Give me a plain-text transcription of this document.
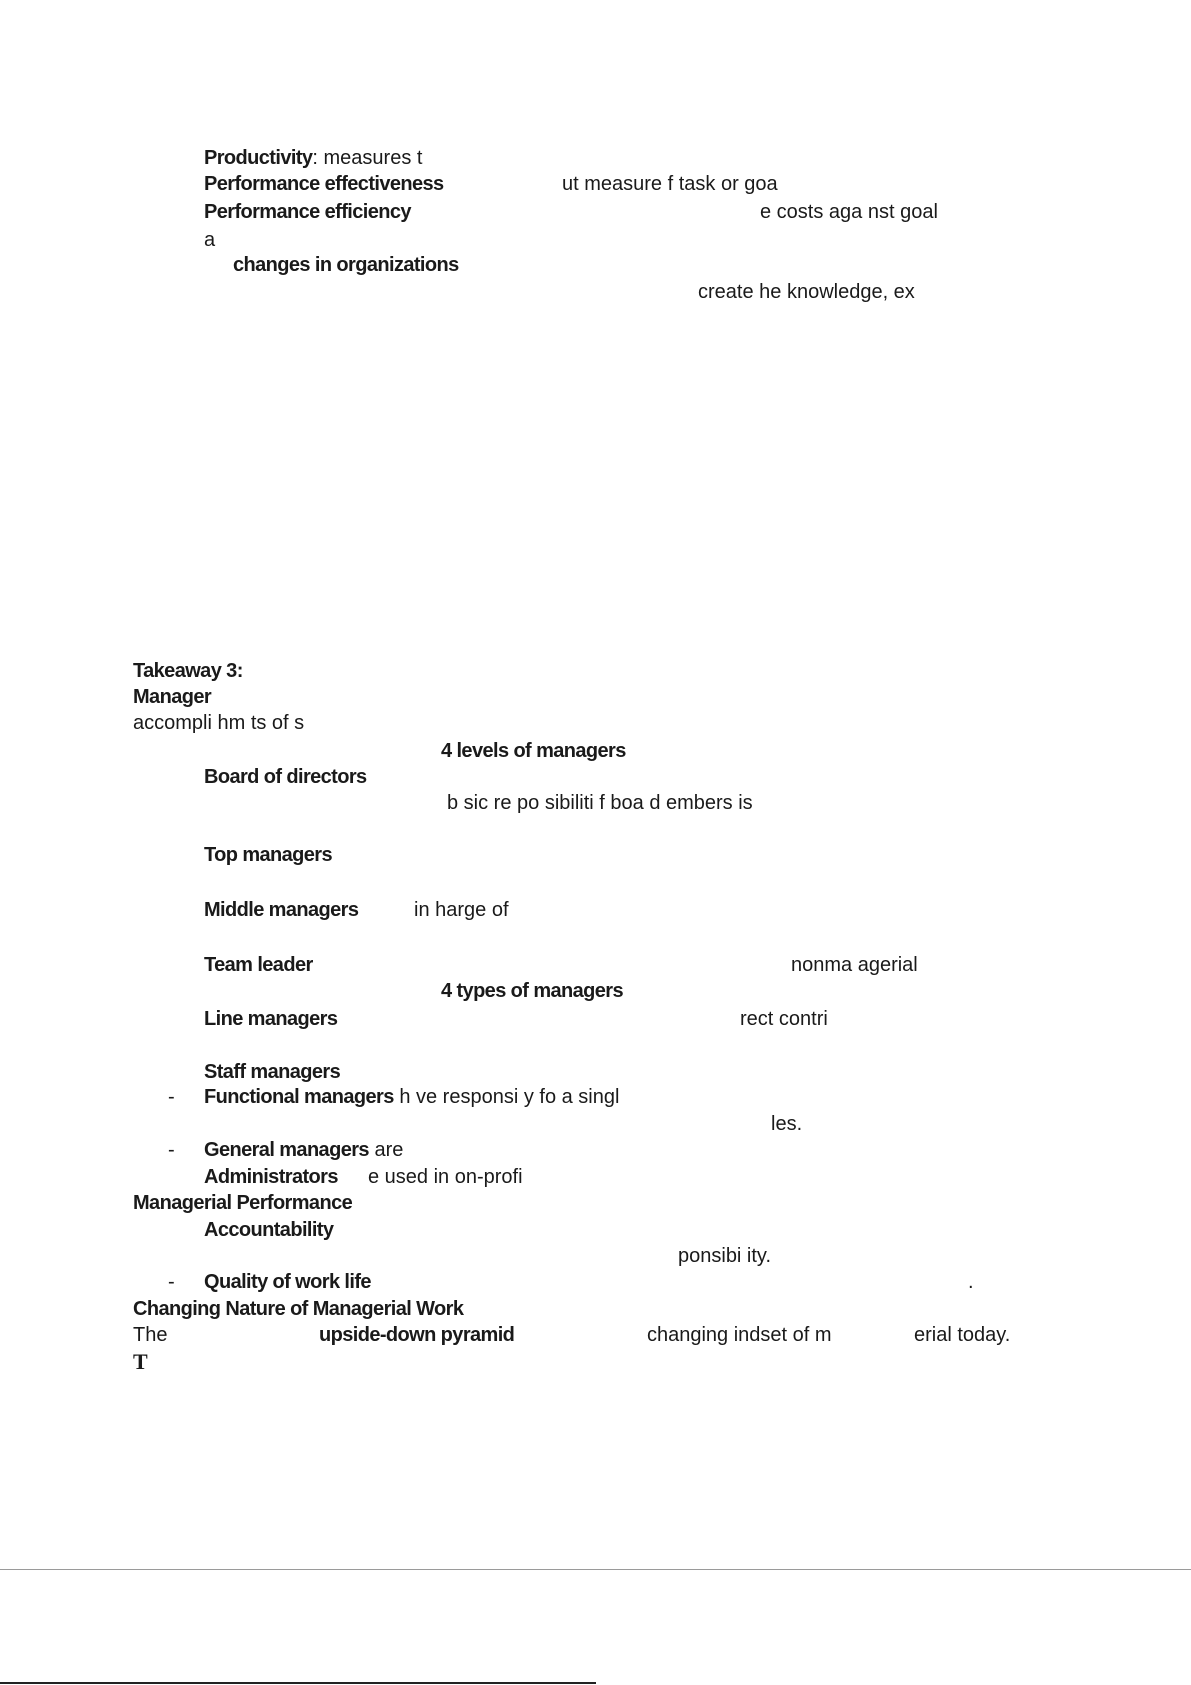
Productivity: measures t
Performance effectiveness	ut measure f task or goa
Performance efficiency	e costs aga nst goal
a
changes in organizations
create he knowledge, ex
Takeaway 3:
Manager
accompli hm ts of s
4 levels of managers
Board of directors
b sic re po sibiliti f boa d embers is
Top managers
Middle managers	in harge of
Team leader	nonma agerial
4 types of managers
Line managers	rect contri
Staff managers
- Functional managers h ve responsi y fo a singl
les.
- General managers are
Administrators e used in on-profi
Managerial Performance
Accountability
ponsibi ity.
- Quality of work life	.
Changing Nature of Managerial Work
The	upside-down pyramid	changing indset of m	erial today.
T
